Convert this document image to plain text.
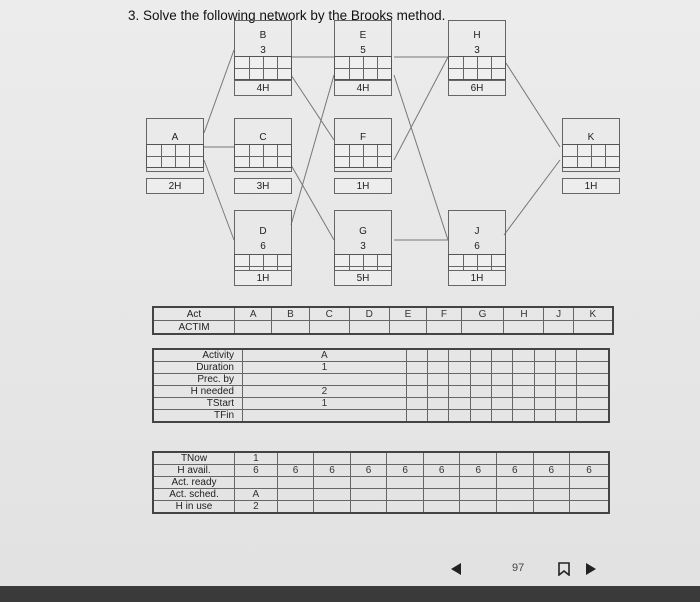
3. Solve the following network by the Brooks method.
A
2H
B
3
4H
C
3H
D
6
1H
E
5
4H
F
1H
G
3
5H
H
3
6H
J
6
1H
K
1H
Act	A	B	C	D	E	F	G	H	J	K
ACTIM										
Activity	A									
Duration	1									
Prec. by										
H needed	2									
TStart	1									
TFin										
TNow	1									
H avail.	6	6	6	6	6	6	6	6	6	6
Act. ready										
Act. sched.	A									
H in use	2									
97
